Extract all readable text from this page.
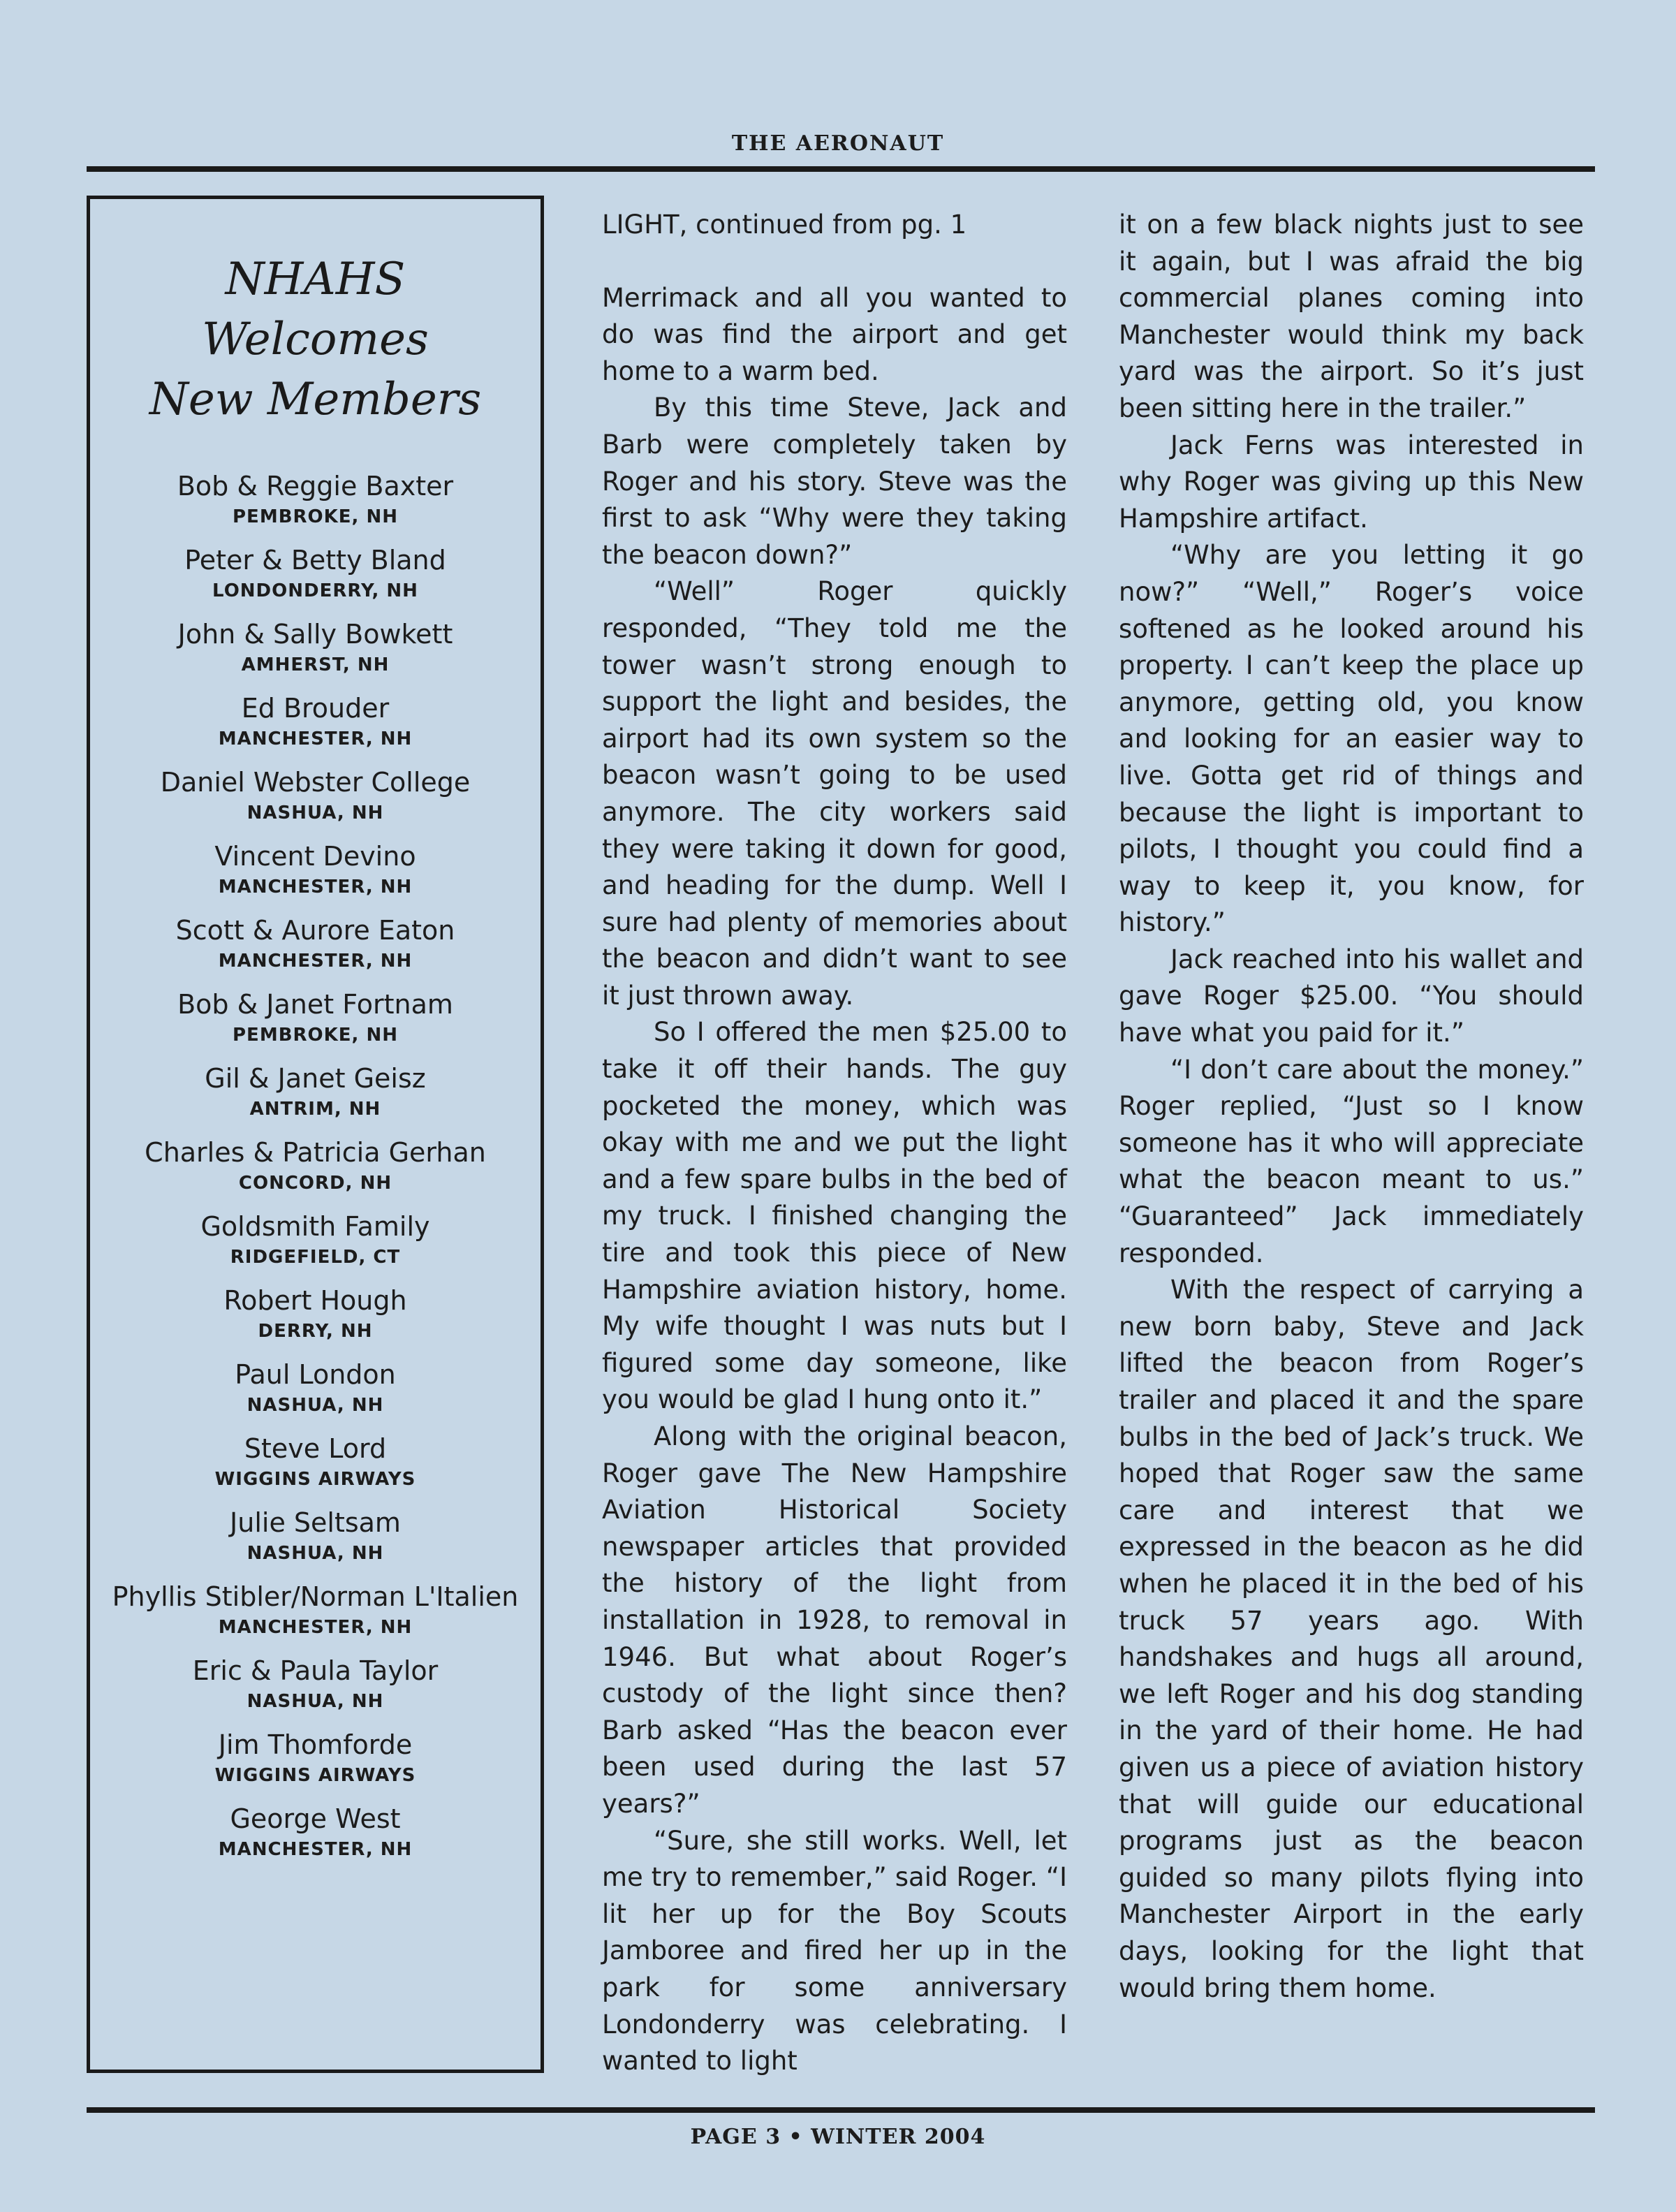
THE AERONAUT
NHAHS
Welcomes
New Members
Bob & Reggie Baxter
PEMBROKE, NH
Peter & Betty Bland
LONDONDERRY, NH
John & Sally Bowkett
AMHERST, NH
Ed Brouder
MANCHESTER, NH
Daniel Webster College
NASHUA, NH
Vincent Devino
MANCHESTER, NH
Scott & Aurore Eaton
MANCHESTER, NH
Bob & Janet Fortnam
PEMBROKE, NH
Gil & Janet Geisz
ANTRIM, NH
Charles & Patricia Gerhan
CONCORD, NH
Goldsmith Family
RIDGEFIELD, CT
Robert Hough
DERRY, NH
Paul London
NASHUA, NH
Steve Lord
WIGGINS AIRWAYS
Julie Seltsam
NASHUA, NH
Phyllis Stibler/Norman L'Italien
MANCHESTER, NH
Eric & Paula Taylor
NASHUA, NH
Jim Thomforde
WIGGINS AIRWAYS
George West
MANCHESTER, NH

LIGHT, continued from pg. 1

Merrimack and all you wanted to do was find the airport and get home to a warm bed.

By this time Steve, Jack and Barb were completely taken by Roger and his story. Steve was the first to ask “Why were they taking the beacon down?”

“Well” Roger quickly responded, “They told me the tower wasn’t strong enough to support the light and besides, the airport had its own system so the beacon wasn’t going to be used anymore. The city workers said they were taking it down for good, and heading for the dump. Well I sure had plenty of memories about the beacon and didn’t want to see it just thrown away.

So I offered the men $25.00 to take it off their hands. The guy pocketed the money, which was okay with me and we put the light and a few spare bulbs in the bed of my truck. I finished changing the tire and took this piece of New Hampshire aviation history, home. My wife thought I was nuts but I figured some day someone, like you would be glad I hung onto it.”

Along with the original beacon, Roger gave The New Hampshire Aviation Historical Society newspaper articles that provided the history of the light from installation in 1928, to removal in 1946. But what about Roger’s custody of the light since then? Barb asked “Has the beacon ever been used during the last 57 years?”

“Sure, she still works. Well, let me try to remember,” said Roger. “I lit her up for the Boy Scouts Jamboree and fired her up in the park for some anniversary Londonderry was celebrating. I wanted to light

it on a few black nights just to see it again, but I was afraid the big commercial planes coming into Manchester would think my back yard was the airport. So it’s just been sitting here in the trailer.”

Jack Ferns was interested in why Roger was giving up this New Hampshire artifact.

“Why are you letting it go now?” “Well,” Roger’s voice softened as he looked around his property. I can’t keep the place up anymore, getting old, you know and looking for an easier way to live. Gotta get rid of things and because the light is important to pilots, I thought you could find a way to keep it, you know, for history.”

Jack reached into his wallet and gave Roger $25.00. “You should have what you paid for it.”

“I don’t care about the money.” Roger replied, “Just so I know someone has it who will appreciate what the beacon meant to us.” “Guaranteed” Jack immediately responded.

With the respect of carrying a new born baby, Steve and Jack lifted the beacon from Roger’s trailer and placed it and the spare bulbs in the bed of Jack’s truck. We hoped that Roger saw the same care and interest that we expressed in the beacon as he did when he placed it in the bed of his truck 57 years ago. With handshakes and hugs all around, we left Roger and his dog standing in the yard of their home. He had given us a piece of aviation history that will guide our educational programs just as the beacon guided so many pilots flying into Manchester Airport in the early days, looking for the light that would bring them home.

PAGE 3 • WINTER 2004
